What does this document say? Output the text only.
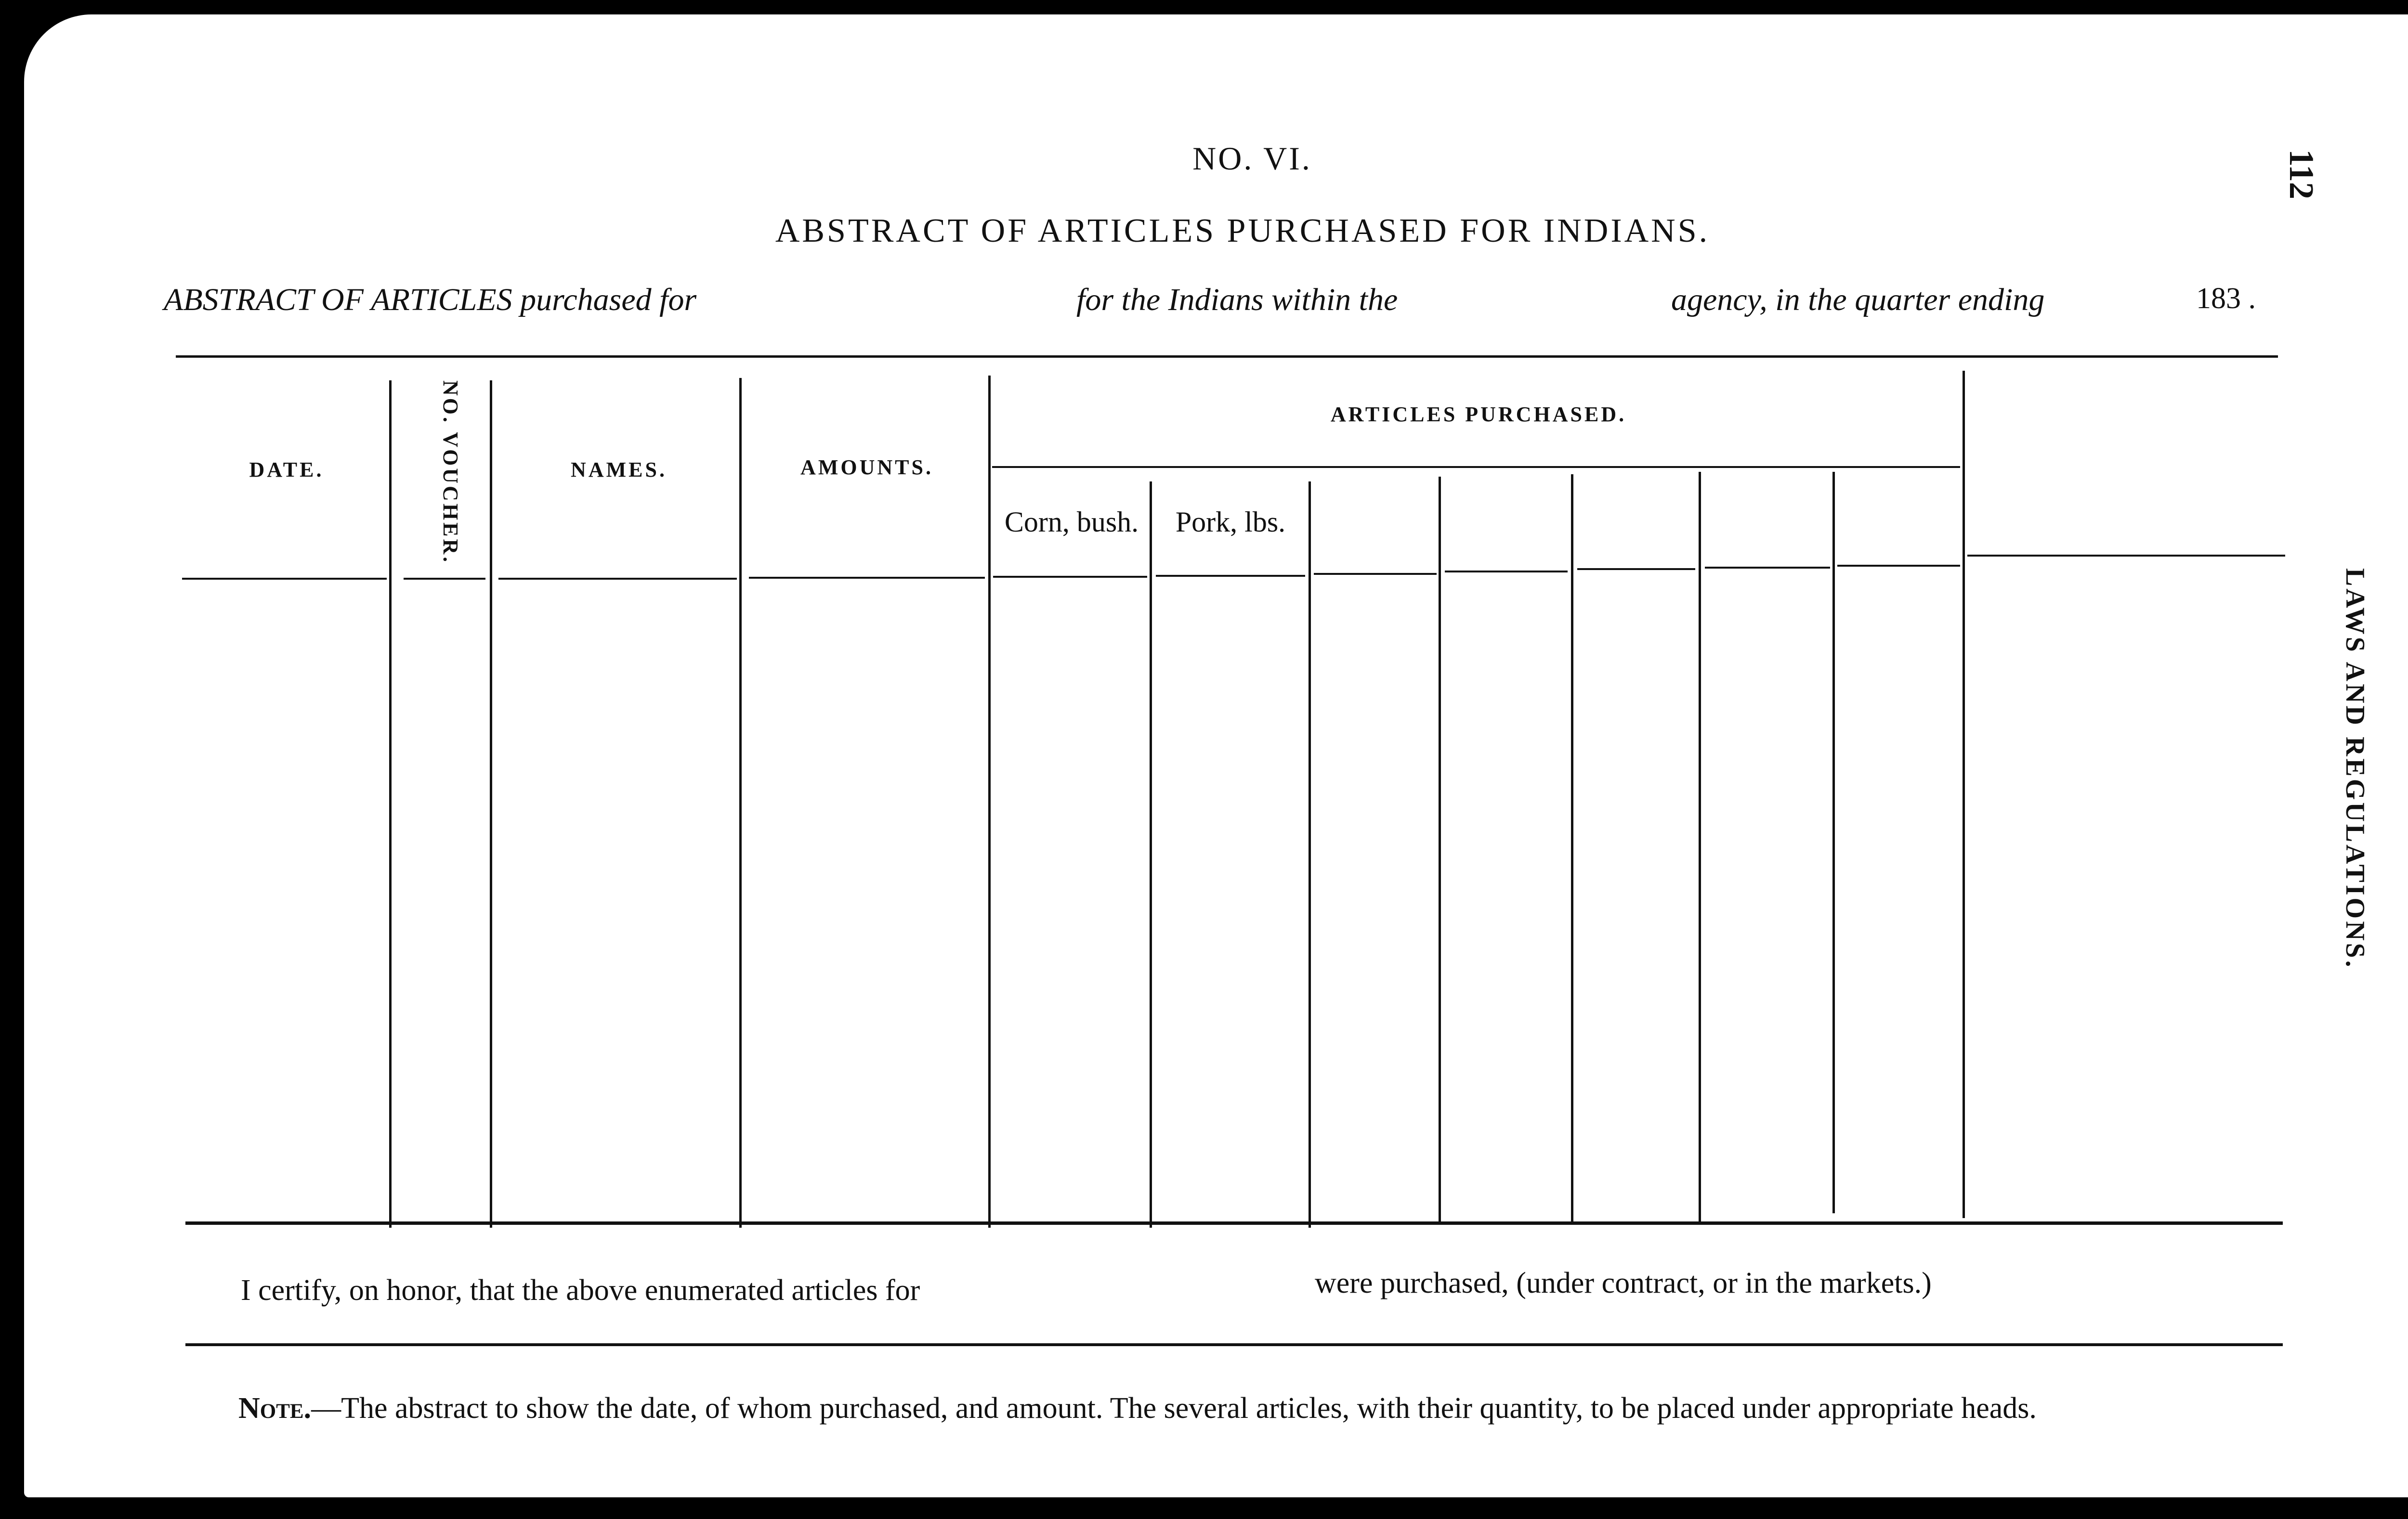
NO. VI.
ABSTRACT OF ARTICLES PURCHASED FOR INDIANS.
ABSTRACT OF ARTICLES purchased for	for the Indians within the	agency, in the quarter ending	183 .
DATE.	NO. VOUCHER.	NAMES.	AMOUNTS.
ARTICLES PURCHASED.
Corn, bush.	Pork, lbs.
I certify, on honor, that the above enumerated articles for	were purchased, (under contract, or in the markets.)
Note.—The abstract to show the date, of whom purchased, and amount. The several articles, with their quantity, to be placed under appropriate heads.
112
LAWS AND REGULATIONS.
